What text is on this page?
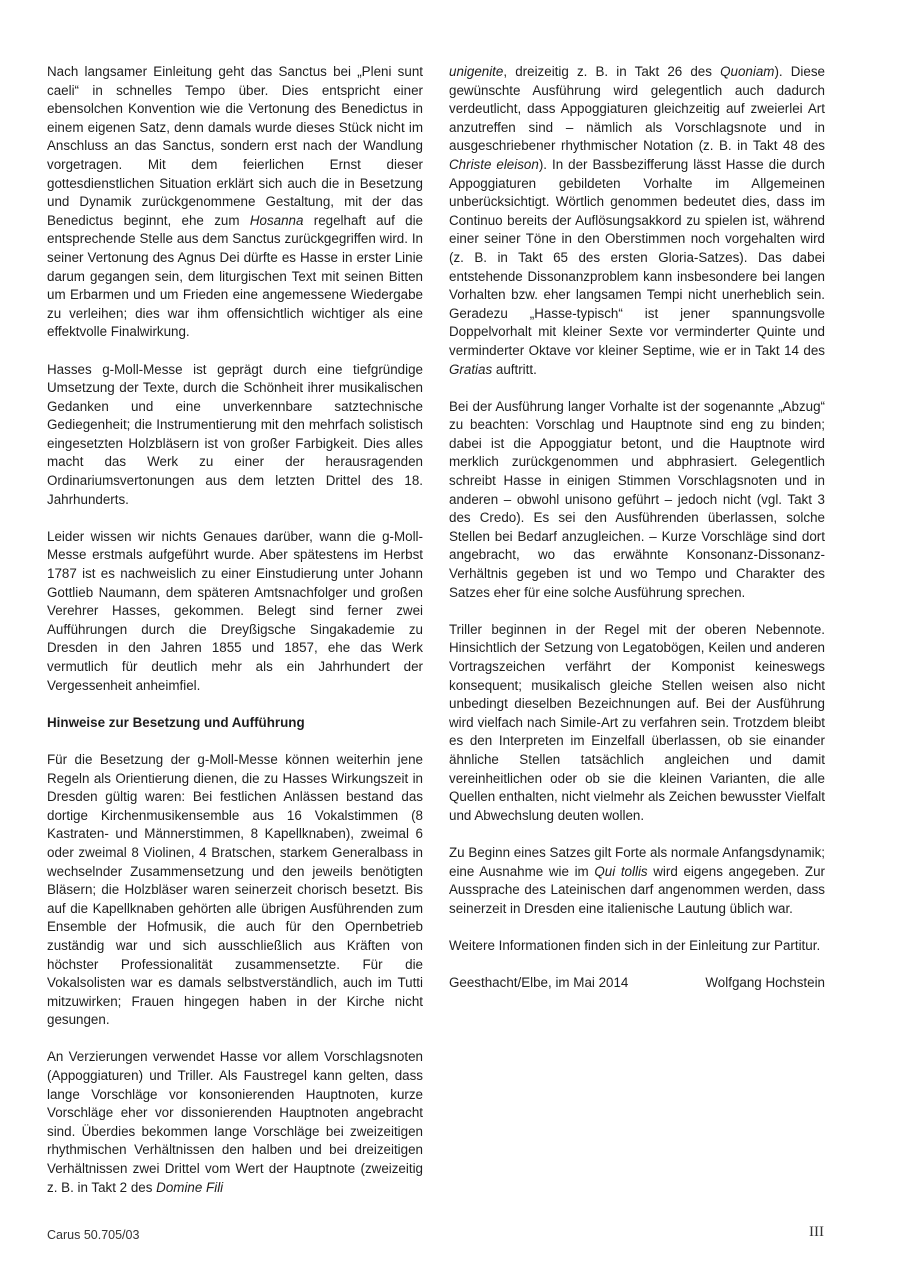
Nach langsamer Einleitung geht das Sanctus bei „Pleni sunt caeli“ in schnelles Tempo über. Dies entspricht einer ebensolchen Konvention wie die Vertonung des Benedictus in einem eigenen Satz, denn damals wurde dieses Stück nicht im Anschluss an das Sanctus, sondern erst nach der Wandlung vorgetragen. Mit dem feierlichen Ernst dieser gottesdienstlichen Situation erklärt sich auch die in Besetzung und Dynamik zurückgenommene Gestaltung, mit der das Benedictus beginnt, ehe zum Hosanna regelhaft auf die entsprechende Stelle aus dem Sanctus zurückgegriffen wird. In seiner Vertonung des Agnus Dei dürfte es Hasse in erster Linie darum gegangen sein, dem liturgischen Text mit seinen Bitten um Erbarmen und um Frieden eine angemessene Wiedergabe zu verleihen; dies war ihm offensichtlich wichtiger als eine effektvolle Finalwirkung.

Hasses g-Moll-Messe ist geprägt durch eine tiefgründige Umsetzung der Texte, durch die Schönheit ihrer musikalischen Gedanken und eine unverkennbare satztechnische Gediegenheit; die Instrumentierung mit den mehrfach solistisch eingesetzten Holzbläsern ist von großer Farbigkeit. Dies alles macht das Werk zu einer der herausragenden Ordinariumsvertonungen aus dem letzten Drittel des 18. Jahrhunderts.

Leider wissen wir nichts Genaues darüber, wann die g-Moll-Messe erstmals aufgeführt wurde. Aber spätestens im Herbst 1787 ist es nachweislich zu einer Einstudierung unter Johann Gottlieb Naumann, dem späteren Amtsnachfolger und großen Verehrer Hasses, gekommen. Belegt sind ferner zwei Aufführungen durch die Dreyßigsche Singakademie zu Dresden in den Jahren 1855 und 1857, ehe das Werk vermutlich für deutlich mehr als ein Jahrhundert der Vergessenheit anheimfiel.

Hinweise zur Besetzung und Aufführung

Für die Besetzung der g-Moll-Messe können weiterhin jene Regeln als Orientierung dienen, die zu Hasses Wirkungszeit in Dresden gültig waren: Bei festlichen Anlässen bestand das dortige Kirchenmusikensemble aus 16 Vokalstimmen (8 Kastraten- und Männerstimmen, 8 Kapellknaben), zweimal 6 oder zweimal 8 Violinen, 4 Bratschen, starkem Generalbass in wechselnder Zusammensetzung und den jeweils benötigten Bläsern; die Holzbläser waren seinerzeit chorisch besetzt. Bis auf die Kapellknaben gehörten alle übrigen Ausführenden zum Ensemble der Hofmusik, die auch für den Opernbetrieb zuständig war und sich ausschließlich aus Kräften von höchster Professionalität zusammensetzte. Für die Vokalsolisten war es damals selbstverständlich, auch im Tutti mitzuwirken; Frauen hingegen haben in der Kirche nicht gesungen.

An Verzierungen verwendet Hasse vor allem Vorschlagsnoten (Appoggiaturen) und Triller. Als Faustregel kann gelten, dass lange Vorschläge vor konsonierenden Hauptnoten, kurze Vorschläge eher vor dissonierenden Hauptnoten angebracht sind. Überdies bekommen lange Vorschläge bei zweizeitigen rhythmischen Verhältnissen den halben und bei dreizeitigen Verhältnissen zwei Drittel vom Wert der Hauptnote (zweizeitig z. B. in Takt 2 des Domine Fili

unigenite, dreizeitig z. B. in Takt 26 des Quoniam). Diese gewünschte Ausführung wird gelegentlich auch dadurch verdeutlicht, dass Appoggiaturen gleichzeitig auf zweierlei Art anzutreffen sind – nämlich als Vorschlagsnote und in ausgeschriebener rhythmischer Notation (z. B. in Takt 48 des Christe eleison). In der Bassbezifferung lässt Hasse die durch Appoggiaturen gebildeten Vorhalte im Allgemeinen unberücksichtigt. Wörtlich genommen bedeutet dies, dass im Continuo bereits der Auflösungsakkord zu spielen ist, während einer seiner Töne in den Oberstimmen noch vorgehalten wird (z. B. in Takt 65 des ersten Gloria-Satzes). Das dabei entstehende Dissonanzproblem kann insbesondere bei langen Vorhalten bzw. eher langsamen Tempi nicht unerheblich sein. Geradezu „Hasse-typisch“ ist jener spannungsvolle Doppelvorhalt mit kleiner Sexte vor verminderter Quinte und verminderter Oktave vor kleiner Septime, wie er in Takt 14 des Gratias auftritt.

Bei der Ausführung langer Vorhalte ist der sogenannte „Abzug“ zu beachten: Vorschlag und Hauptnote sind eng zu binden; dabei ist die Appoggiatur betont, und die Hauptnote wird merklich zurückgenommen und abphrasiert. Gelegentlich schreibt Hasse in einigen Stimmen Vorschlagsnoten und in anderen – obwohl unisono geführt – jedoch nicht (vgl. Takt 3 des Credo). Es sei den Ausführenden überlassen, solche Stellen bei Bedarf anzugleichen. – Kurze Vorschläge sind dort angebracht, wo das erwähnte Konsonanz-Dissonanz-Verhältnis gegeben ist und wo Tempo und Charakter des Satzes eher für eine solche Ausführung sprechen.

Triller beginnen in der Regel mit der oberen Nebennote. Hinsichtlich der Setzung von Legatobögen, Keilen und anderen Vortragszeichen verfährt der Komponist keineswegs konsequent; musikalisch gleiche Stellen weisen also nicht unbedingt dieselben Bezeichnungen auf. Bei der Ausführung wird vielfach nach Simile-Art zu verfahren sein. Trotzdem bleibt es den Interpreten im Einzelfall überlassen, ob sie einander ähnliche Stellen tatsächlich angleichen und damit vereinheitlichen oder ob sie die kleinen Varianten, die alle Quellen enthalten, nicht vielmehr als Zeichen bewusster Vielfalt und Abwechslung deuten wollen.

Zu Beginn eines Satzes gilt Forte als normale Anfangsdynamik; eine Ausnahme wie im Qui tollis wird eigens angegeben. Zur Aussprache des Lateinischen darf angenommen werden, dass seinerzeit in Dresden eine italienische Lautung üblich war.

Weitere Informationen finden sich in der Einleitung zur Partitur.

Geesthacht/Elbe, im Mai 2014	Wolfgang Hochstein

Carus 50.705/03	III
